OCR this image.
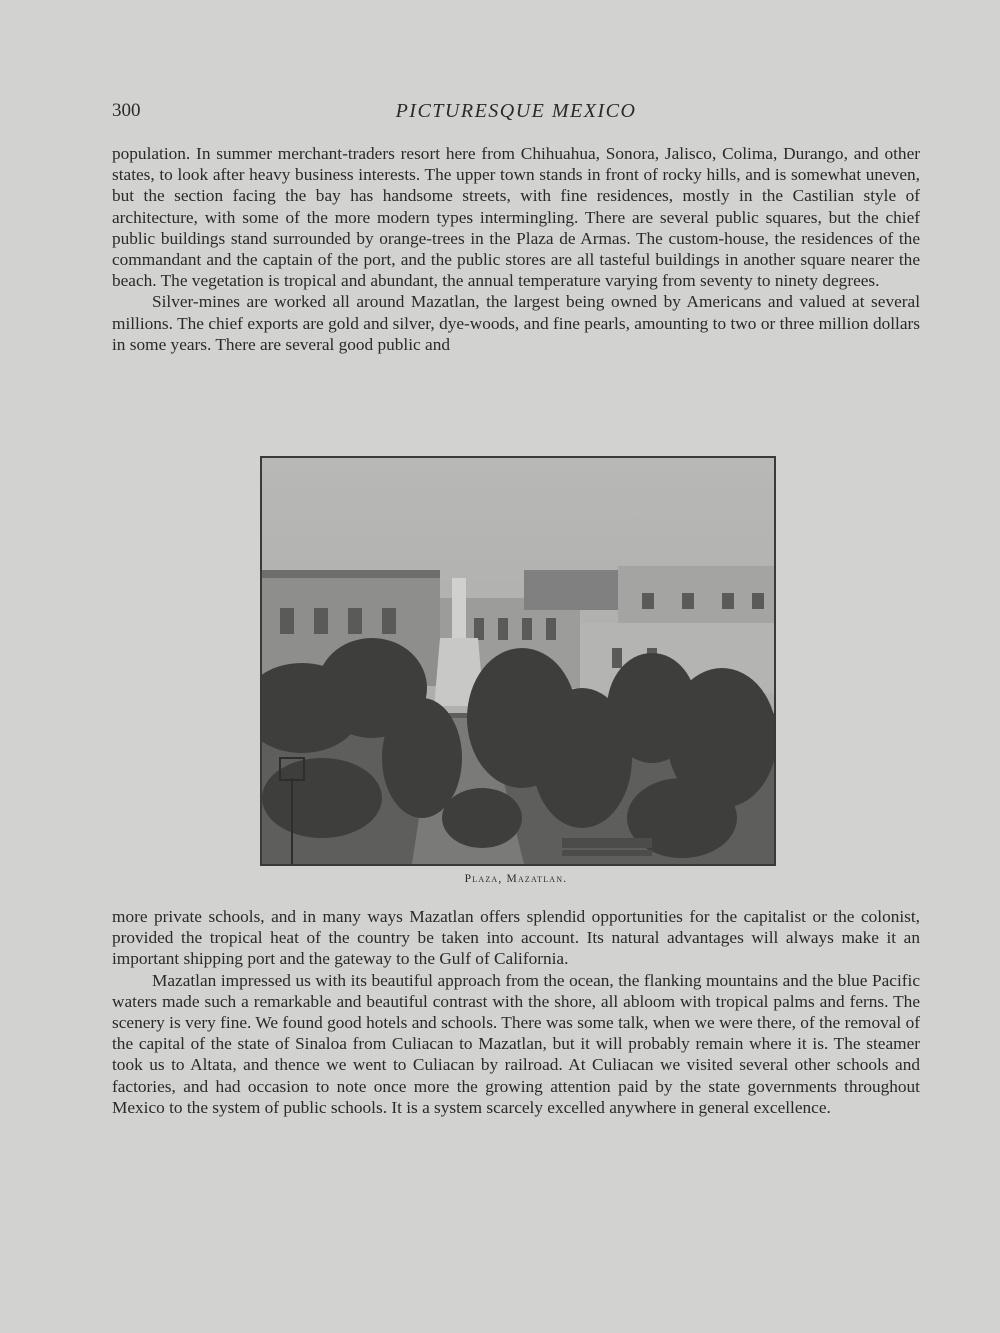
300	PICTURESQUE MEXICO

population. In summer merchant-traders resort here from Chihuahua, Sonora, Jalisco, Colima, Durango, and other states, to look after heavy business interests. The upper town stands in front of rocky hills, and is somewhat uneven, but the section facing the bay has handsome streets, with fine residences, mostly in the Castilian style of architecture, with some of the more modern types intermingling. There are several public squares, but the chief public buildings stand surrounded by orange-trees in the Plaza de Armas. The custom-house, the residences of the commandant and the captain of the port, and the public stores are all tasteful buildings in another square nearer the beach. The vegetation is tropical and abundant, the annual temperature varying from seventy to ninety degrees.

Silver-mines are worked all around Mazatlan, the largest being owned by Americans and valued at several millions. The chief exports are gold and silver, dye-woods, and fine pearls, amounting to two or three million dollars in some years. There are several good public and

Plaza, Mazatlan.

more private schools, and in many ways Mazatlan offers splendid opportunities for the capitalist or the colonist, provided the tropical heat of the country be taken into account. Its natural advantages will always make it an important shipping port and the gateway to the Gulf of California.

Mazatlan impressed us with its beautiful approach from the ocean, the flanking mountains and the blue Pacific waters made such a remarkable and beautiful contrast with the shore, all abloom with tropical palms and ferns. The scenery is very fine. We found good hotels and schools. There was some talk, when we were there, of the removal of the capital of the state of Sinaloa from Culiacan to Mazatlan, but it will probably remain where it is. The steamer took us to Altata, and thence we went to Culiacan by railroad. At Culiacan we visited several other schools and factories, and had occasion to note once more the growing attention paid by the state governments throughout Mexico to the system of public schools. It is a system scarcely excelled anywhere in general excellence.
